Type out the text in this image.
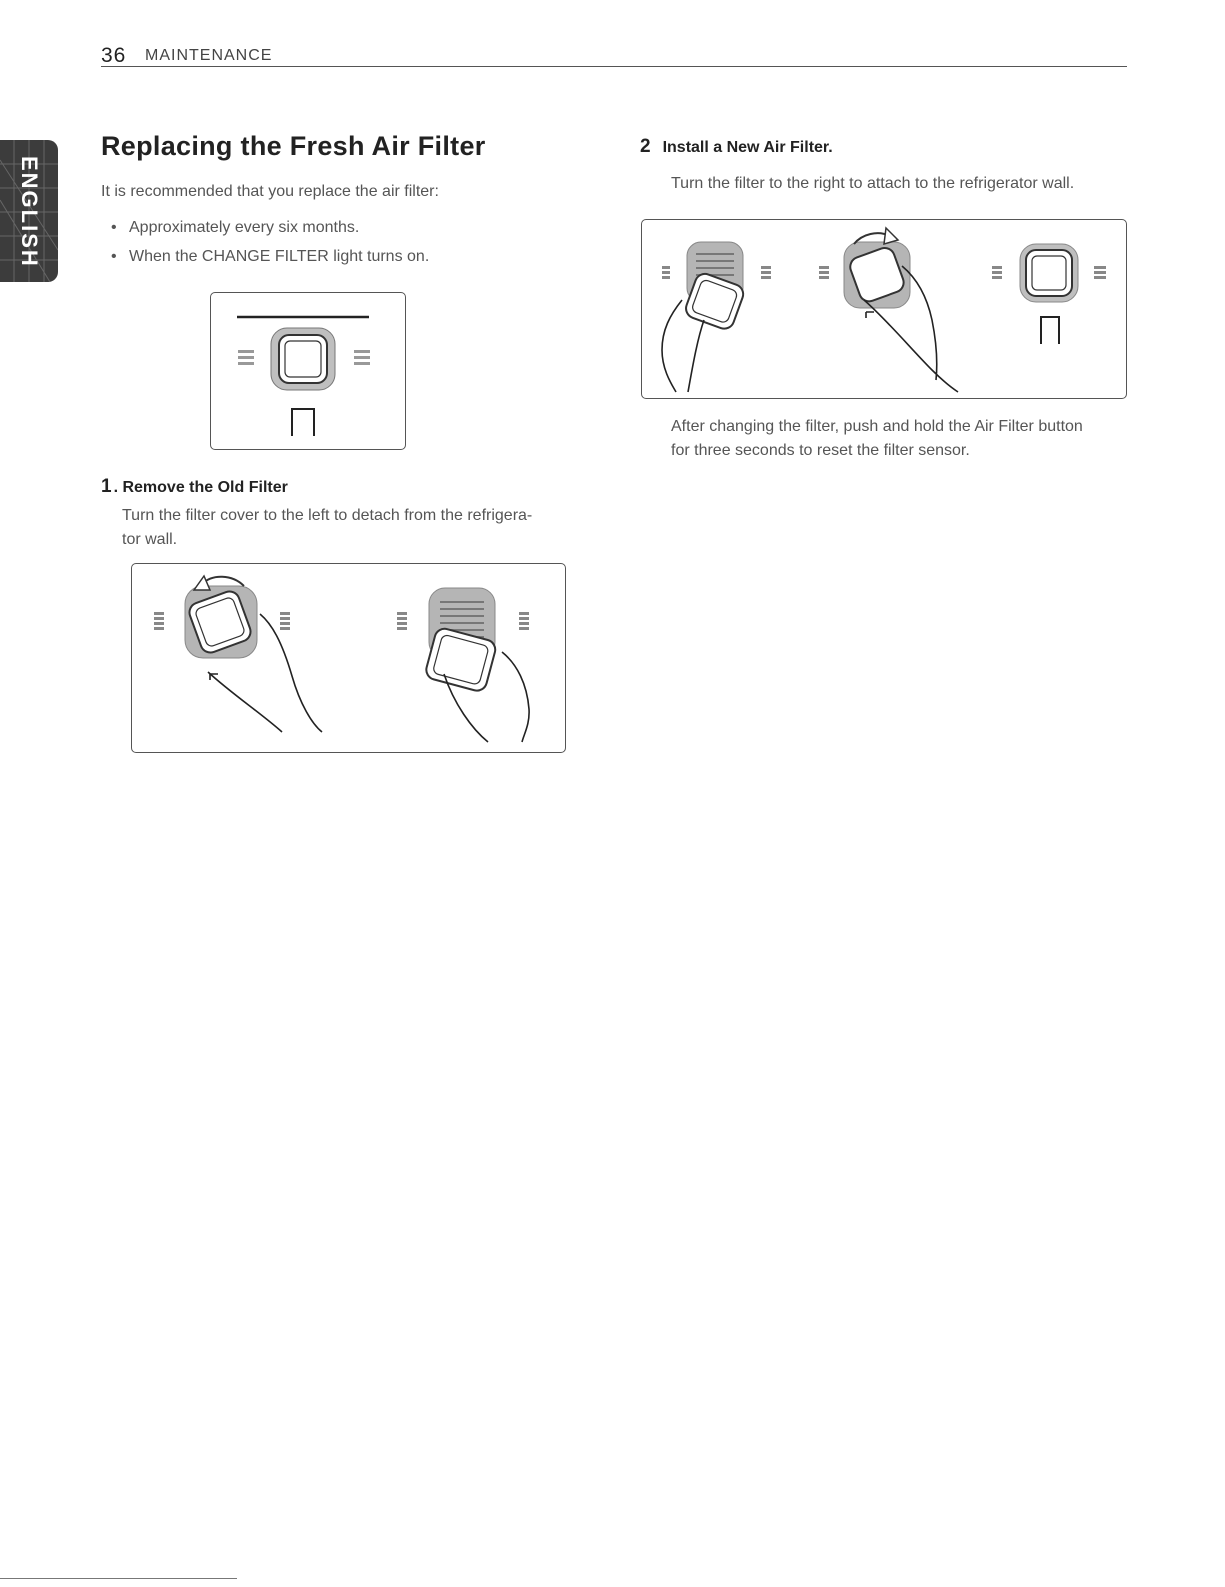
36 MAINTENANCE
ENGLISH
Replacing the Fresh Air Filter
It is recommended that you replace the air filter:
• Approximately every six months.
• When the CHANGE FILTER light turns on.
1 . Remove the Old Filter
Turn the filter cover to the left to detach from the refrigera-
tor wall.
2 Install a New Air Filter.
Turn the filter to the right to attach to the refrigerator wall.
After changing the filter, push and hold the Air Filter button
for three seconds to reset the filter sensor.
